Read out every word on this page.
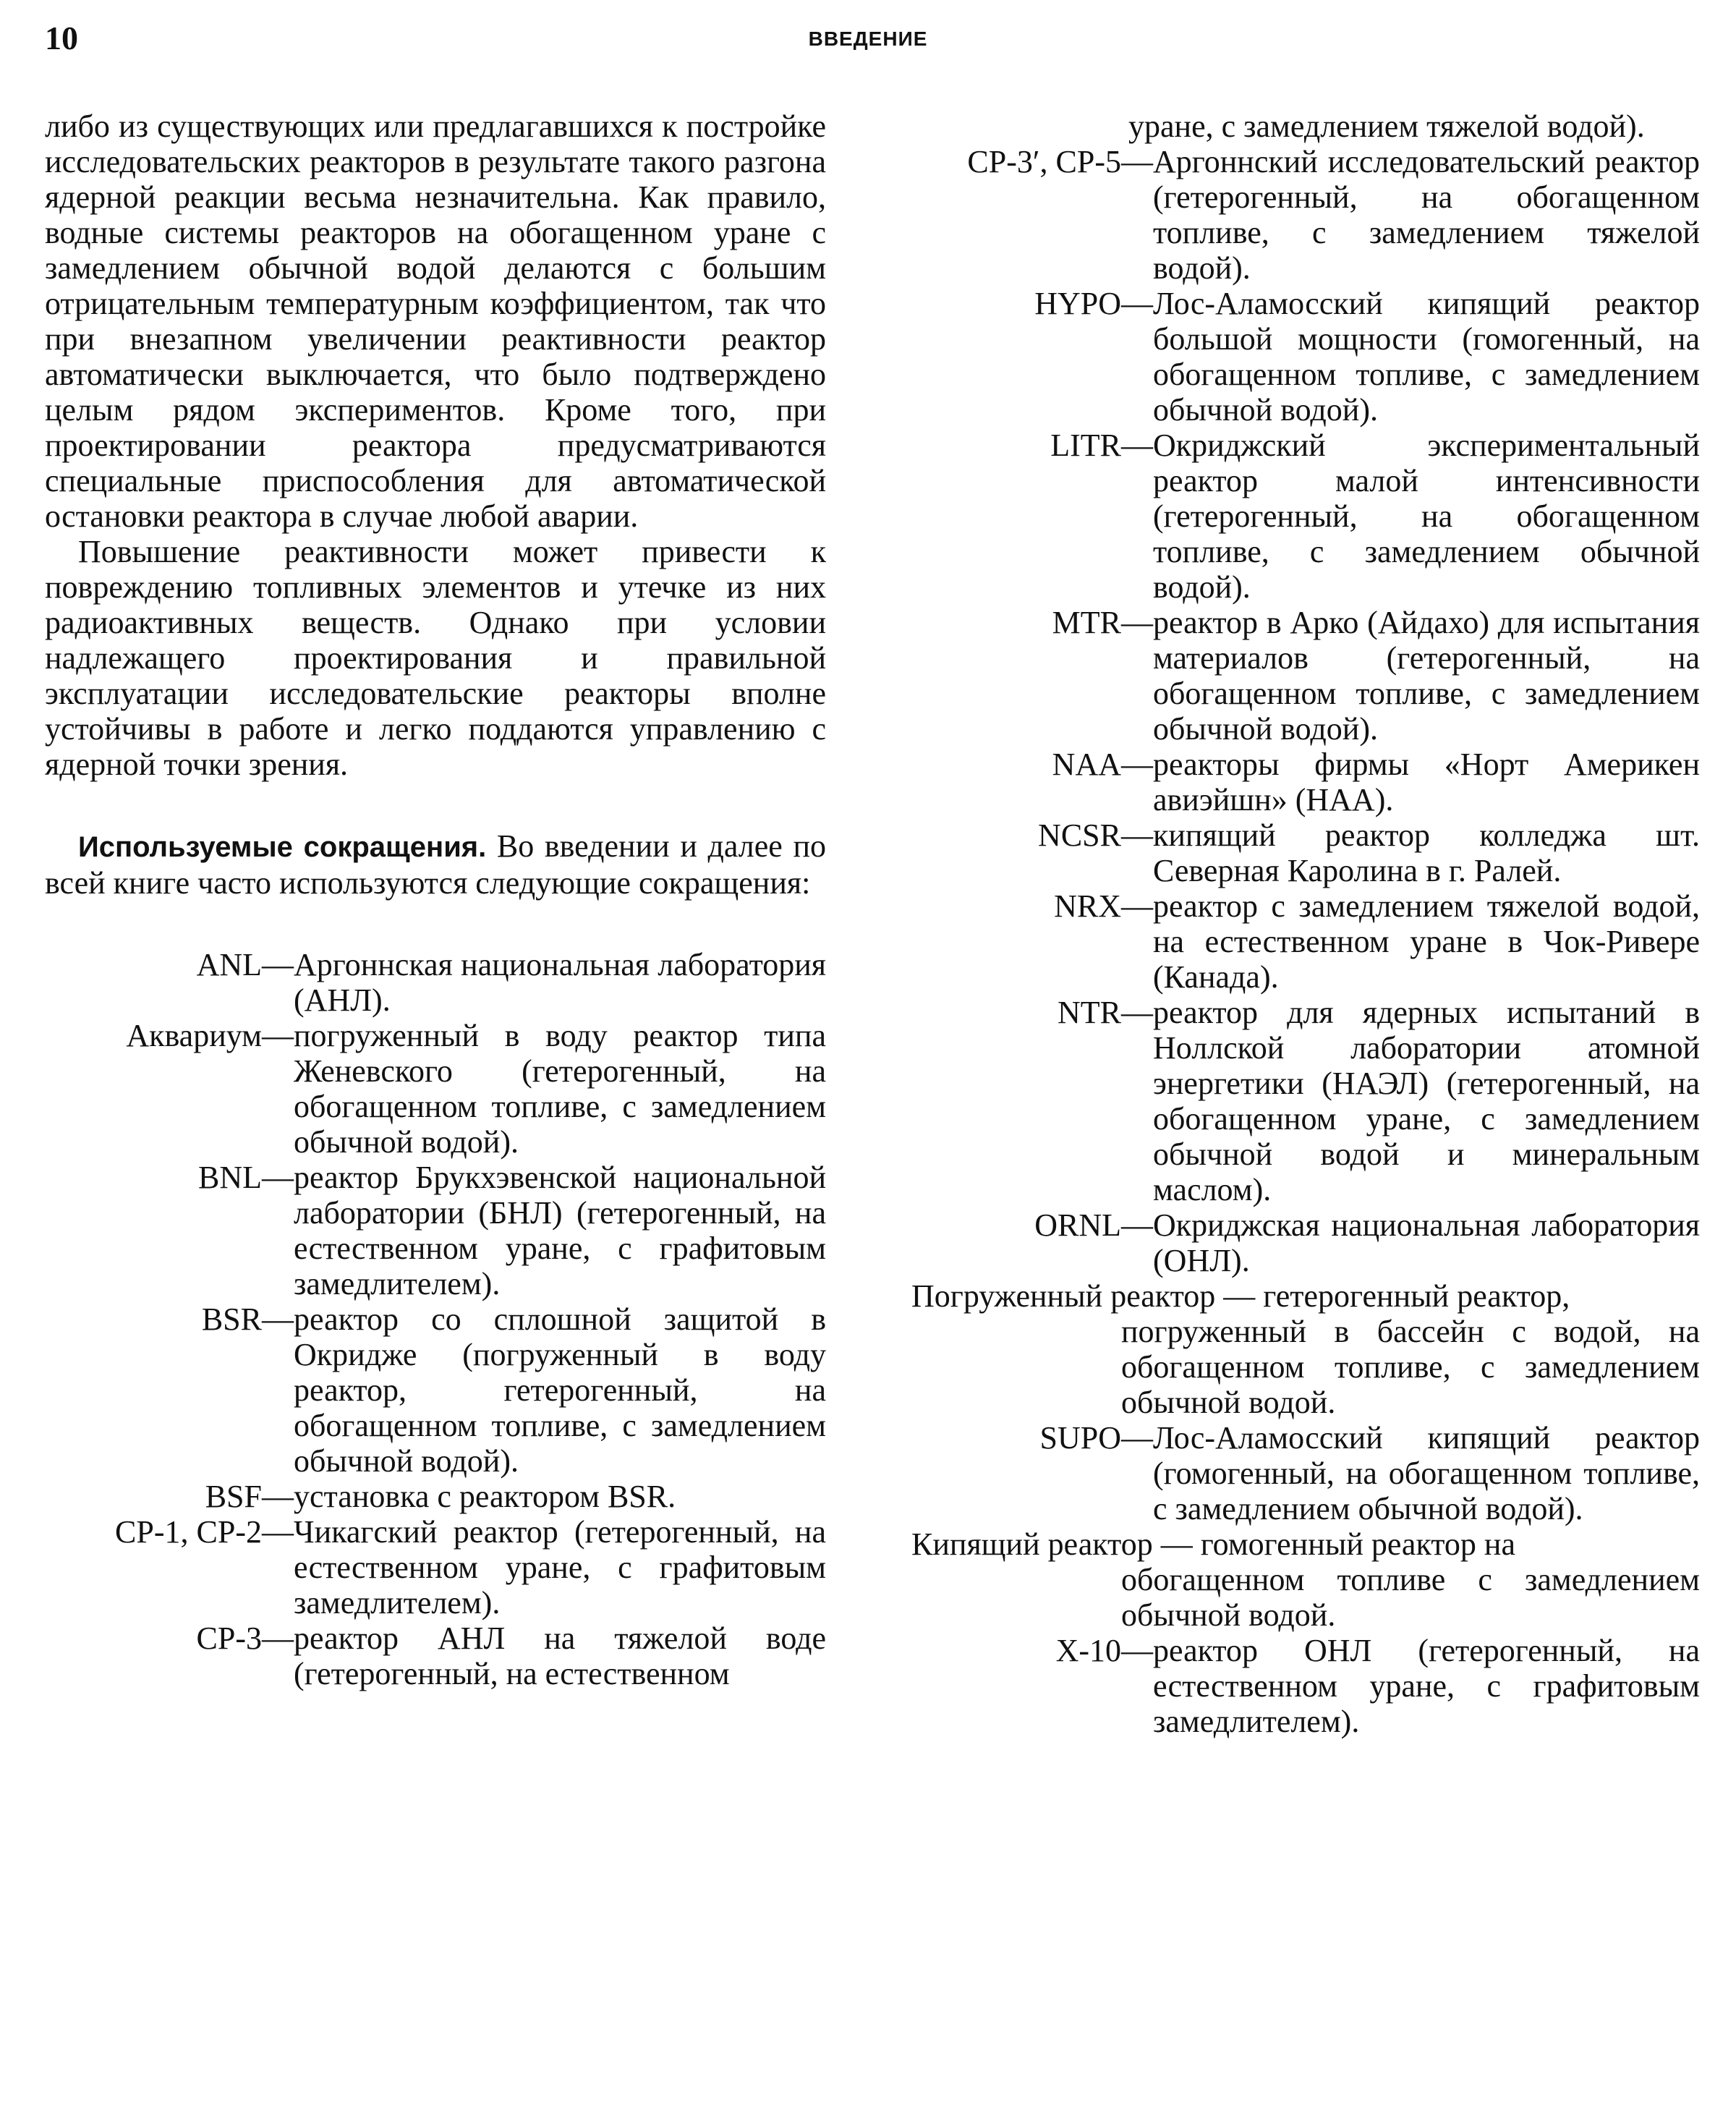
10	ВВЕДЕНИЕ

либо из существующих или предлагавшихся к постройке исследовательских реакторов в результате такого разгона ядерной реакции весьма незначительна. Как правило, водные системы реакторов на обогащенном уране с замедлением обычной водой делаются с большим отрицательным температурным коэффициентом, так что при внезапном увеличении реактивности реактор автоматически выключается, что было подтверждено целым рядом экспериментов. Кроме того, при проектировании реактора предусматриваются специальные приспособления для автоматической остановки реактора в случае любой аварии.

Повышение реактивности может привести к повреждению топливных элементов и утечке из них радиоактивных веществ. Однако при условии надлежащего проектирования и правильной эксплуатации исследовательские реакторы вполне устойчивы в работе и легко поддаются управлению с ядерной точки зрения.

Используемые сокращения. Во введении и далее по всей книге часто используются следующие сокращения:

ANL — Аргоннская национальная лаборатория (АНЛ).
Аквариум — погруженный в воду реактор типа Женевского (гетерогенный, на обогащенном топливе, с замедлением обычной водой).
BNL — реактор Брукхэвенской национальной лаборатории (БНЛ) (гетерогенный, на естественном уране, с графитовым замедлителем).
BSR — реактор со сплошной защитой в Окридже (погруженный в воду реактор, гетерогенный, на обогащенном топливе, с замедлением обычной водой).
BSF — установка с реактором BSR.
CP-1, CP-2 — Чикагский реактор (гетерогенный, на естественном уране, с графитовым замедлителем).
CP-3 — реактор АНЛ на тяжелой воде (гетерогенный, на естественном

уране, с замедлением тяжелой водой).

CP-3′, CP-5 — Аргоннский исследовательский реактор (гетерогенный, на обогащенном топливе, с замедлением тяжелой водой).
HYPO — Лос-Аламосский кипящий реактор большой мощности (гомогенный, на обогащенном топливе, с замедлением обычной водой).
LITR — Окриджский экспериментальный реактор малой интенсивности (гетерогенный, на обогащенном топливе, с замедлением обычной водой).
MTR — реактор в Арко (Айдахо) для испытания материалов (гетерогенный, на обогащенном топливе, с замедлением обычной водой).
NAA — реакторы фирмы «Норт Америкен авиэйшн» (НАА).
NCSR — кипящий реактор колледжа шт. Северная Каролина в г. Ралей.
NRX — реактор с замедлением тяжелой водой, на естественном уране в Чок-Ривере (Канада).
NTR — реактор для ядерных испытаний в Ноллской лаборатории атомной энергетики (НАЭЛ) (гетерогенный, на обогащенном уране, с замедлением обычной водой и минеральным маслом).
ORNL — Окриджская национальная лаборатория (ОНЛ).
Погруженный реактор — гетерогенный реактор,
погруженный в бассейн с водой, на обогащенном топливе, с замедлением обычной водой.
SUPO — Лос-Аламосский кипящий реактор (гомогенный, на обогащенном топливе, с замедлением обычной водой).
Кипящий реактор — гомогенный реактор на
обогащенном топливе с замедлением обычной водой.
X-10 — реактор ОНЛ (гетерогенный, на естественном уране, с графитовым замедлителем).
